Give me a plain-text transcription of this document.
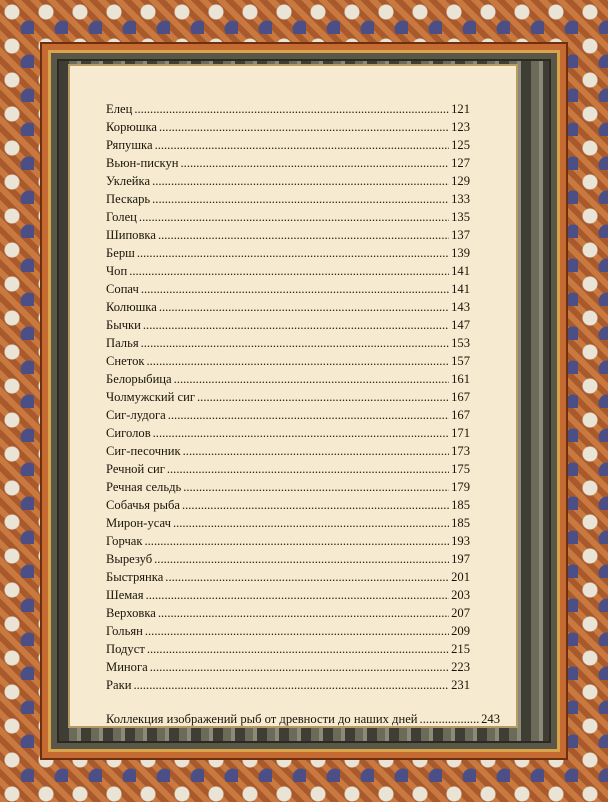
Елец .....	121
Корюшка .....	123
Ряпушка .....	125
Вьюн-пискун .....	127
Уклейка .....	129
Пескарь .....	133
Голец .....	135
Шиповка .....	137
Берш .....	139
Чоп .....	141
Сопач .....	141
Колюшка .....	143
Бычки .....	147
Палья .....	153
Снеток .....	157
Белорыбица .....	161
Чолмужский сиг .....	167
Сиг-лудога .....	167
Сиголов .....	171
Сиг-песочник .....	173
Речной сиг .....	175
Речная сельдь .....	179
Собачья рыба .....	185
Мирон-усач .....	185
Горчак .....	193
Вырезуб .....	197
Быстрянка .....	201
Шемая .....	203
Верховка .....	207
Гольян .....	209
Подуст .....	215
Минога .....	223
Раки .....	231
Коллекция изображений рыб от древности до наших дней .....	243
